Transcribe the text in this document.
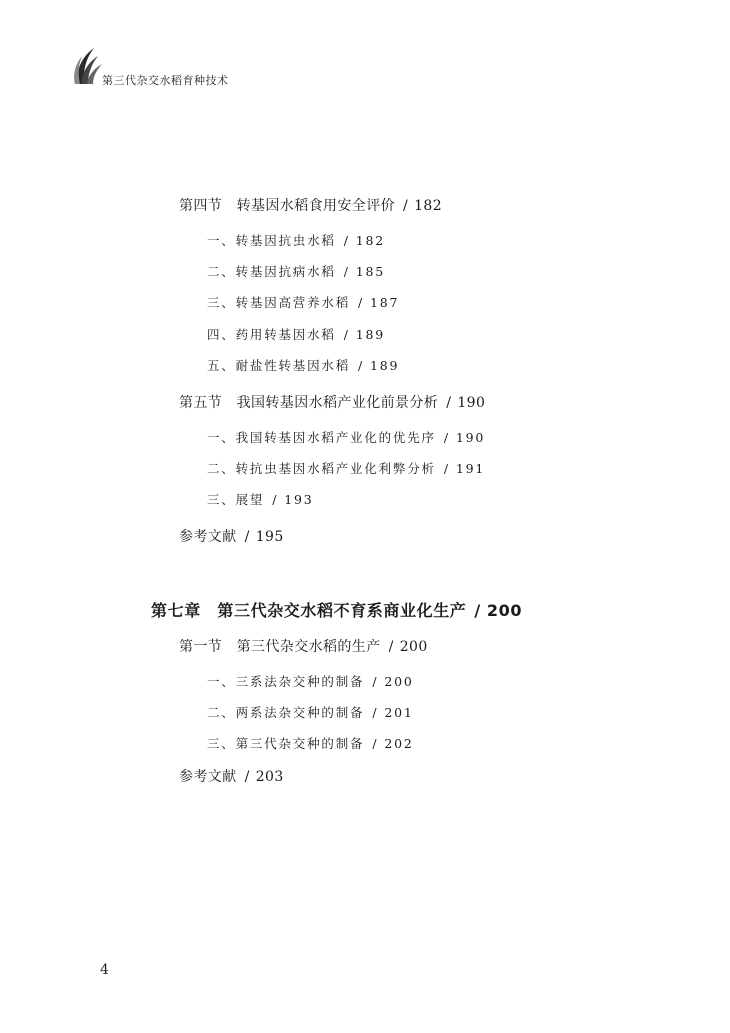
第三代杂交水稻育种技术
第四节　转基因水稻食用安全评价 / 182
一、转基因抗虫水稻 / 182
二、转基因抗病水稻 / 185
三、转基因高营养水稻 / 187
四、药用转基因水稻 / 189
五、耐盐性转基因水稻 / 189
第五节　我国转基因水稻产业化前景分析 / 190
一、我国转基因水稻产业化的优先序 / 190
二、转抗虫基因水稻产业化利弊分析 / 191
三、展望 / 193
参考文献 / 195
第七章　第三代杂交水稻不育系商业化生产 / 200
第一节　第三代杂交水稻的生产 / 200
一、三系法杂交种的制备 / 200
二、两系法杂交种的制备 / 201
三、第三代杂交种的制备 / 202
参考文献 / 203
4
